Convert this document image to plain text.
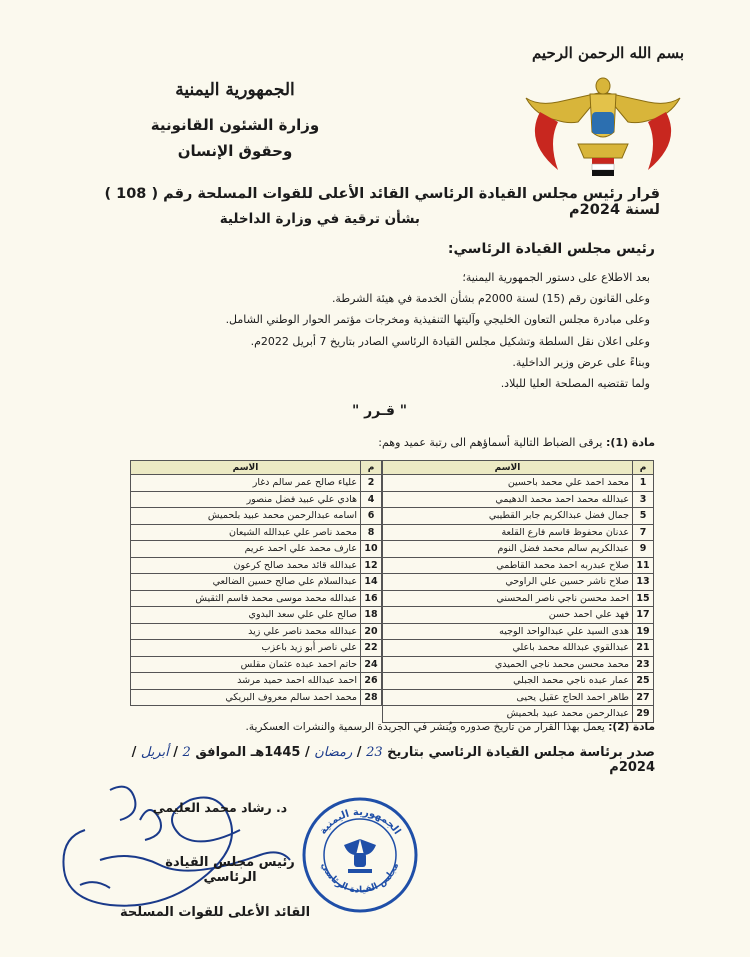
بسم الله الرحمن الرحيم
الجمهورية اليمنية
وزارة الشئون القانونية
وحقوق الإنسان
قرار رئيس مجلس القيادة الرئاسي القائد الأعلى للقوات المسلحة رقم ( 108 ) لسنة 2024م
بشأن ترقية في وزارة الداخلية
رئيس مجلس القيادة الرئاسي:
بعد الاطلاع على دستور الجمهورية اليمنية؛
وعلى القانون رقم (15) لسنة 2000م بشأن الخدمة في هيئة الشرطة.
وعلى مبادرة مجلس التعاون الخليجي وآليتها التنفيذية ومخرجات مؤتمر الحوار الوطني الشامل.
وعلى اعلان نقل السلطة وتشكيل مجلس القيادة الرئاسي الصادر بتاريخ 7 أبريل 2022م.
وبناءً على عرض وزير الداخلية.
ولما تقتضيه المصلحة العليا للبلاد.
" قـرر "
مادة (1): يرقى الضباط التالية أسماؤهم الى رتبة عميد وهم:
م	الاسم
1	محمد احمد علي محمد باحسين
3	عبدالله محمد احمد محمد الدهيمي
5	جمال فضل عبدالكريم جابر القطيبي
7	عدنان محفوظ قاسم فارع القلعة
9	عبدالكريم سالم محمد فضل النوم
11	صلاح عبدربه احمد محمد القاطمي
13	صلاح ناشر حسين علي الراوحي
15	احمد محسن ناجي ناصر المحسني
17	فهد علي احمد حسن
19	هدى السيد علي عبدالواحد الوجيه
21	عبدالقوي عبدالله محمد باعلي
23	محمد محسن محمد ناجي الحميدي
25	عمار عبده ناجي محمد الجبلي
27	طاهر احمد الحاج عقيل يحيى
29	عبدالرحمن محمد عبيد بلحميش
م	الاسم
2	علياء صالح عمر سالم دغار
4	هادي علي عبيد فضل منصور
6	اسامه عبدالرحمن محمد عبيد بلحميش
8	محمد ناصر علي عبدالله الشيعان
10	عارف محمد علي احمد عريم
12	عبدالله قائد محمد صالح كرعون
14	عبدالسلام علي صالح حسين الضالعي
16	عبدالله محمد موسى محمد قاسم الثقيش
18	صالح علي علي سعد البدوي
20	عبدالله محمد ناصر علي زيد
22	علي ناصر أبو زيد باعزب
24	حاتم احمد عبده عثمان مقلس
26	احمد عبدالله احمد حميد مرشد
28	محمد احمد سالم معروف البريكي
مادة (2): يعمل بهذا القرار من تاريخ صدوره ويُنشر في الجريدة الرسمية والنشرات العسكرية.
صدر برئاسة مجلس القيادة الرئاسي بتاريخ 23 / رمضان / 1445هـ الموافق 2 / أبريل / 2024م
الجمهورية اليمنية
مجلس القيادة الرئاسي
د. رشاد محمد العليمي
رئيس مجلس القيادة الرئاسي
القائد الأعلى للقوات المسلحة
